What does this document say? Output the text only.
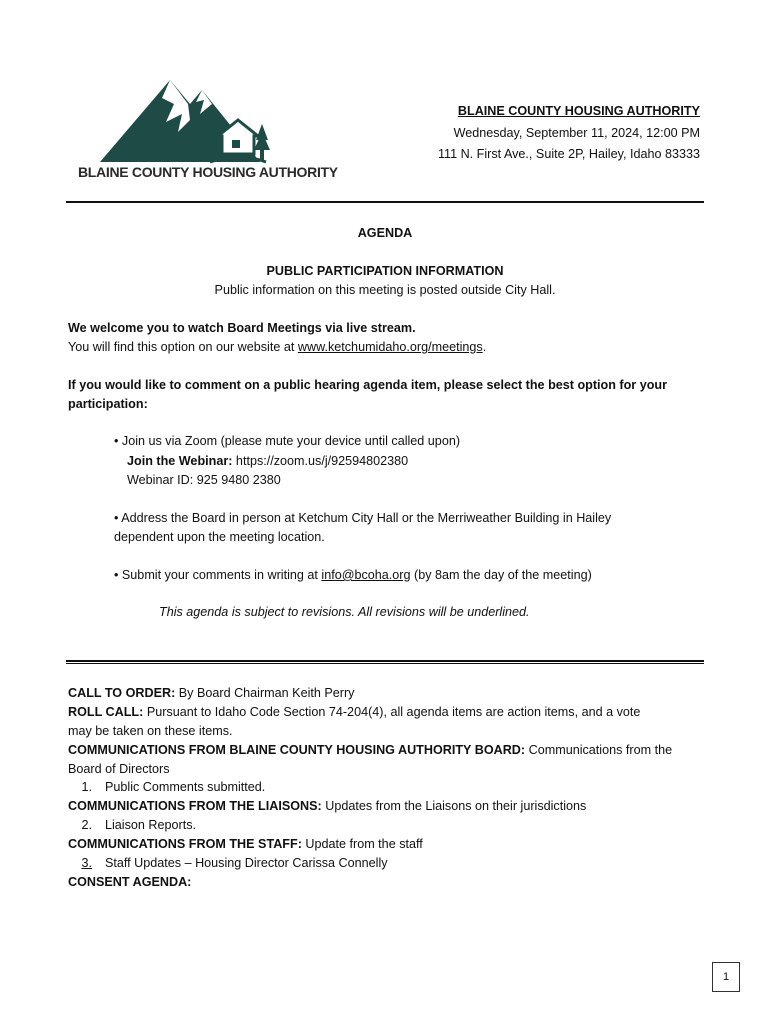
BLAINE COUNTY HOUSING AUTHORITY
BLAINE COUNTY HOUSING AUTHORITY
Wednesday, September 11, 2024, 12:00 PM
111 N. First Ave., Suite 2P, Hailey, Idaho 83333
AGENDA
PUBLIC PARTICIPATION INFORMATION
Public information on this meeting is posted outside City Hall.
We welcome you to watch Board Meetings via live stream.
You will find this option on our website at www.ketchumidaho.org/meetings.
If you would like to comment on a public hearing agenda item, please select the best option for your
participation:
• Join us via Zoom (please mute your device until called upon)
Join the Webinar: https://zoom.us/j/92594802380
Webinar ID: 925 9480 2380
• Address the Board in person at Ketchum City Hall or the Merriweather Building in Hailey
dependent upon the meeting location.
• Submit your comments in writing at info@bcoha.org (by 8am the day of the meeting)
This agenda is subject to revisions. All revisions will be underlined.
CALL TO ORDER: By Board Chairman Keith Perry
ROLL CALL: Pursuant to Idaho Code Section 74-204(4), all agenda items are action items, and a vote
may be taken on these items.
COMMUNICATIONS FROM BLAINE COUNTY HOUSING AUTHORITY BOARD: Communications from the
Board of Directors
1. Public Comments submitted.
COMMUNICATIONS FROM THE LIAISONS: Updates from the Liaisons on their jurisdictions
2. Liaison Reports.
COMMUNICATIONS FROM THE STAFF: Update from the staff
3. Staff Updates – Housing Director Carissa Connelly
CONSENT AGENDA:
1
